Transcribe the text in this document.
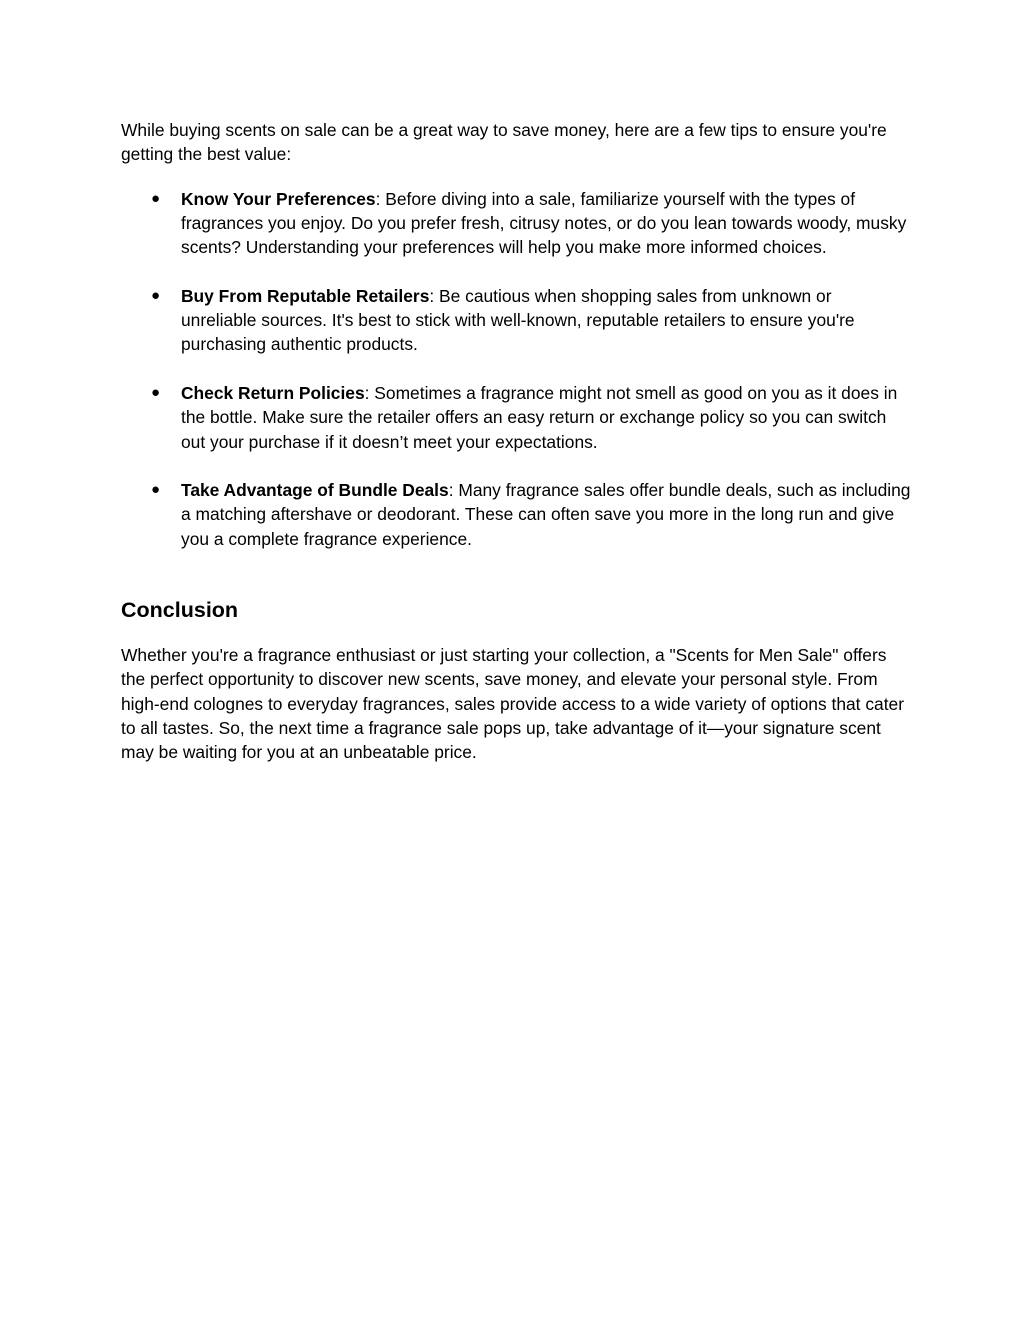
While buying scents on sale can be a great way to save money, here are a few tips to ensure you're getting the best value:

● Know Your Preferences: Before diving into a sale, familiarize yourself with the types of fragrances you enjoy. Do you prefer fresh, citrusy notes, or do you lean towards woody, musky scents? Understanding your preferences will help you make more informed choices.
● Buy From Reputable Retailers: Be cautious when shopping sales from unknown or unreliable sources. It's best to stick with well-known, reputable retailers to ensure you're purchasing authentic products.
● Check Return Policies: Sometimes a fragrance might not smell as good on you as it does in the bottle. Make sure the retailer offers an easy return or exchange policy so you can switch out your purchase if it doesn’t meet your expectations.
● Take Advantage of Bundle Deals: Many fragrance sales offer bundle deals, such as including a matching aftershave or deodorant. These can often save you more in the long run and give you a complete fragrance experience.
Conclusion

Whether you're a fragrance enthusiast or just starting your collection, a "Scents for Men Sale" offers the perfect opportunity to discover new scents, save money, and elevate your personal style. From high-end colognes to everyday fragrances, sales provide access to a wide variety of options that cater to all tastes. So, the next time a fragrance sale pops up, take advantage of it—your signature scent may be waiting for you at an unbeatable price.
